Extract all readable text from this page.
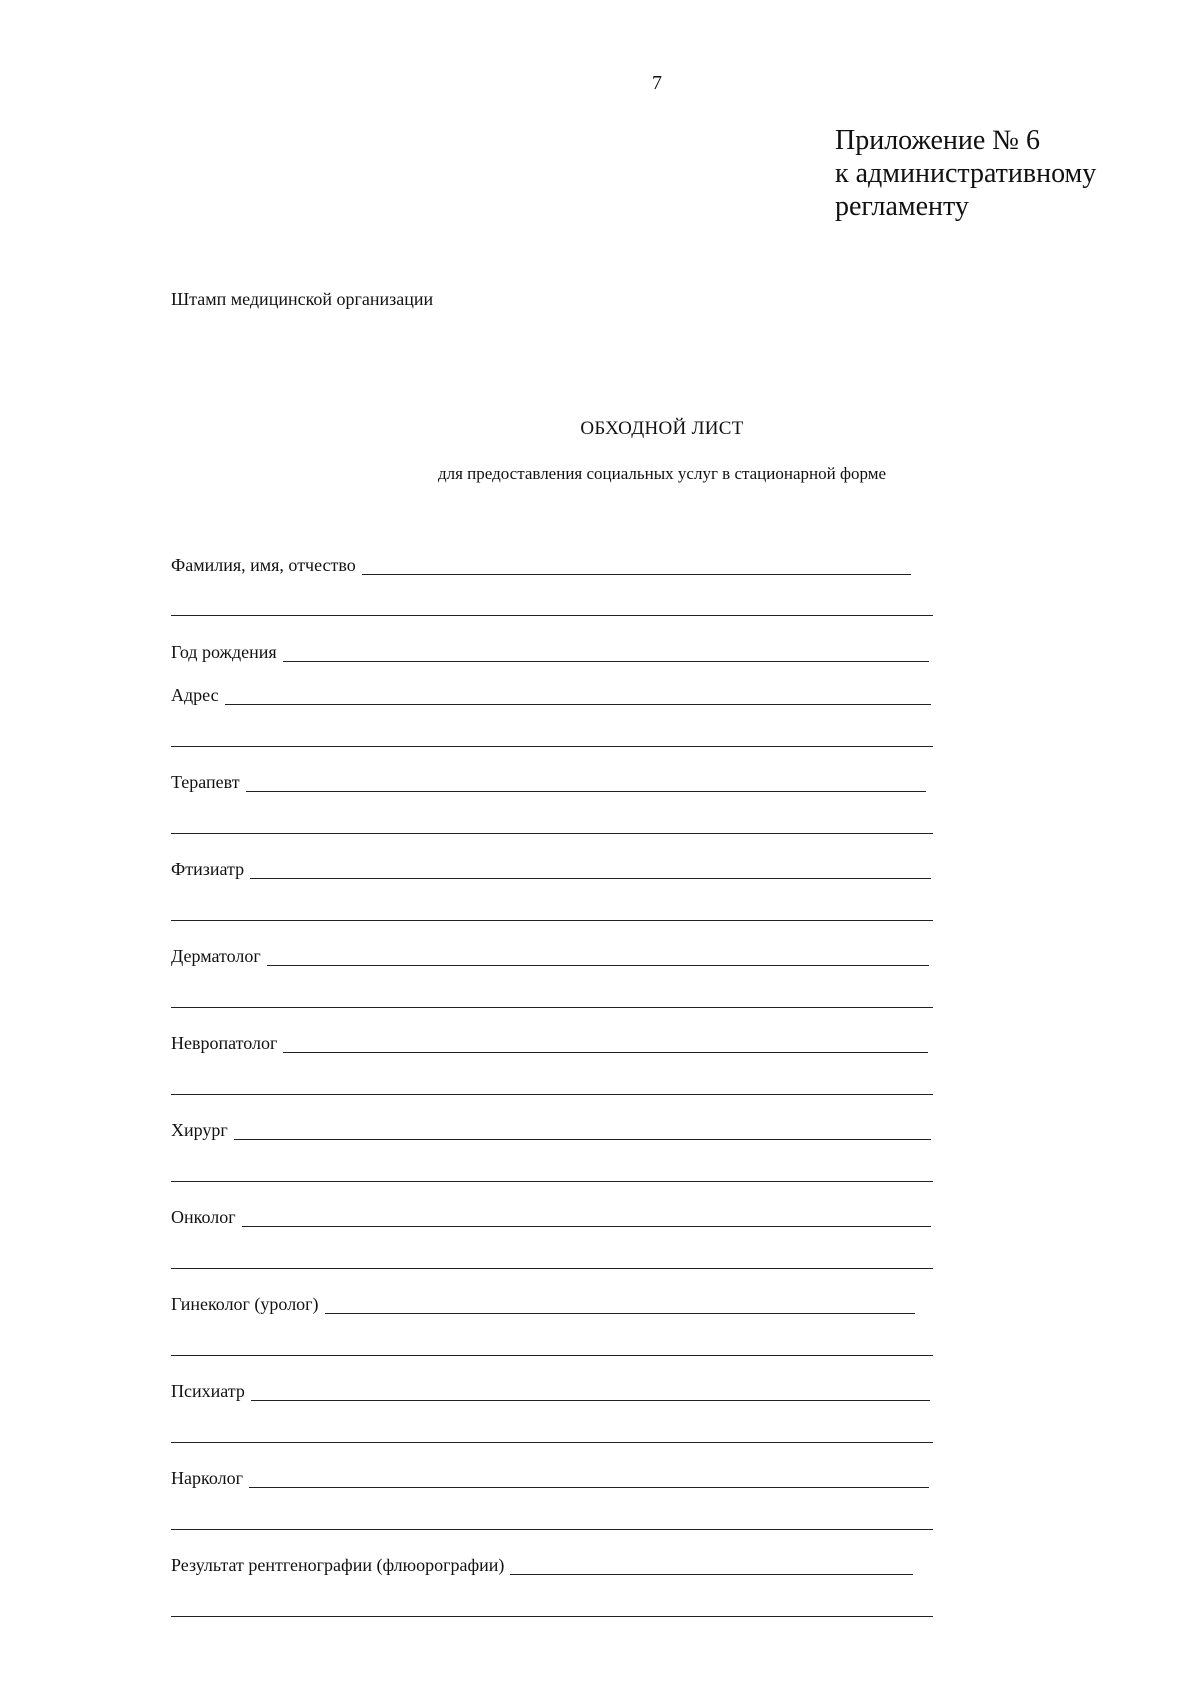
7
Приложение № 6
к административному
регламенту
Штамп медицинской организации
ОБХОДНОЙ ЛИСТ
для предоставления социальных услуг в стационарной форме
Фамилия, имя, отчество
Год рождения
Адрес
Терапевт
Фтизиатр
Дерматолог
Невропатолог
Хирург
Онколог
Гинеколог (уролог)
Психиатр
Нарколог
Результат рентгенографии (флюорографии)
